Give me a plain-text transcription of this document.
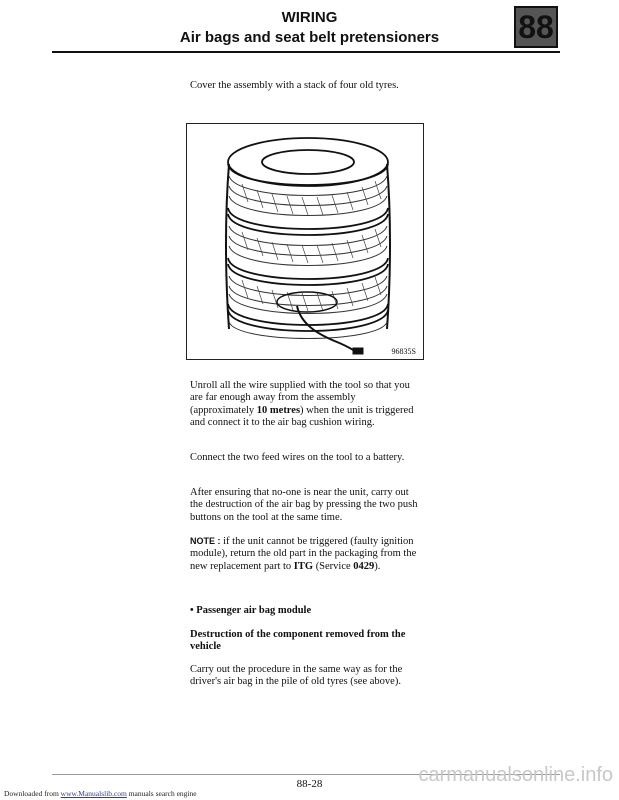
WIRING
Air bags and seat belt pretensioners	88
Cover the assembly with a stack of four old tyres.
96835S
Unroll all the wire supplied with the tool so that you are far enough away from the assembly (approximately 10 metres) when the unit is triggered and connect it to the air bag cushion wiring.
Connect the two feed wires on the tool to a battery.
After ensuring that no-one is near the unit, carry out the destruction of the air bag by pressing the two push buttons on the tool at the same time.
NOTE : if the unit cannot be triggered (faulty ignition module), return the old part in the packaging from the new replacement part to ITG (Service 0429).
• Passenger air bag module
Destruction of the component removed from the vehicle
Carry out the procedure in the same way as for the driver's air bag in the pile of old tyres (see above).
88-28
Downloaded from www.Manualslib.com manuals search engine
carmanualsonline.info
